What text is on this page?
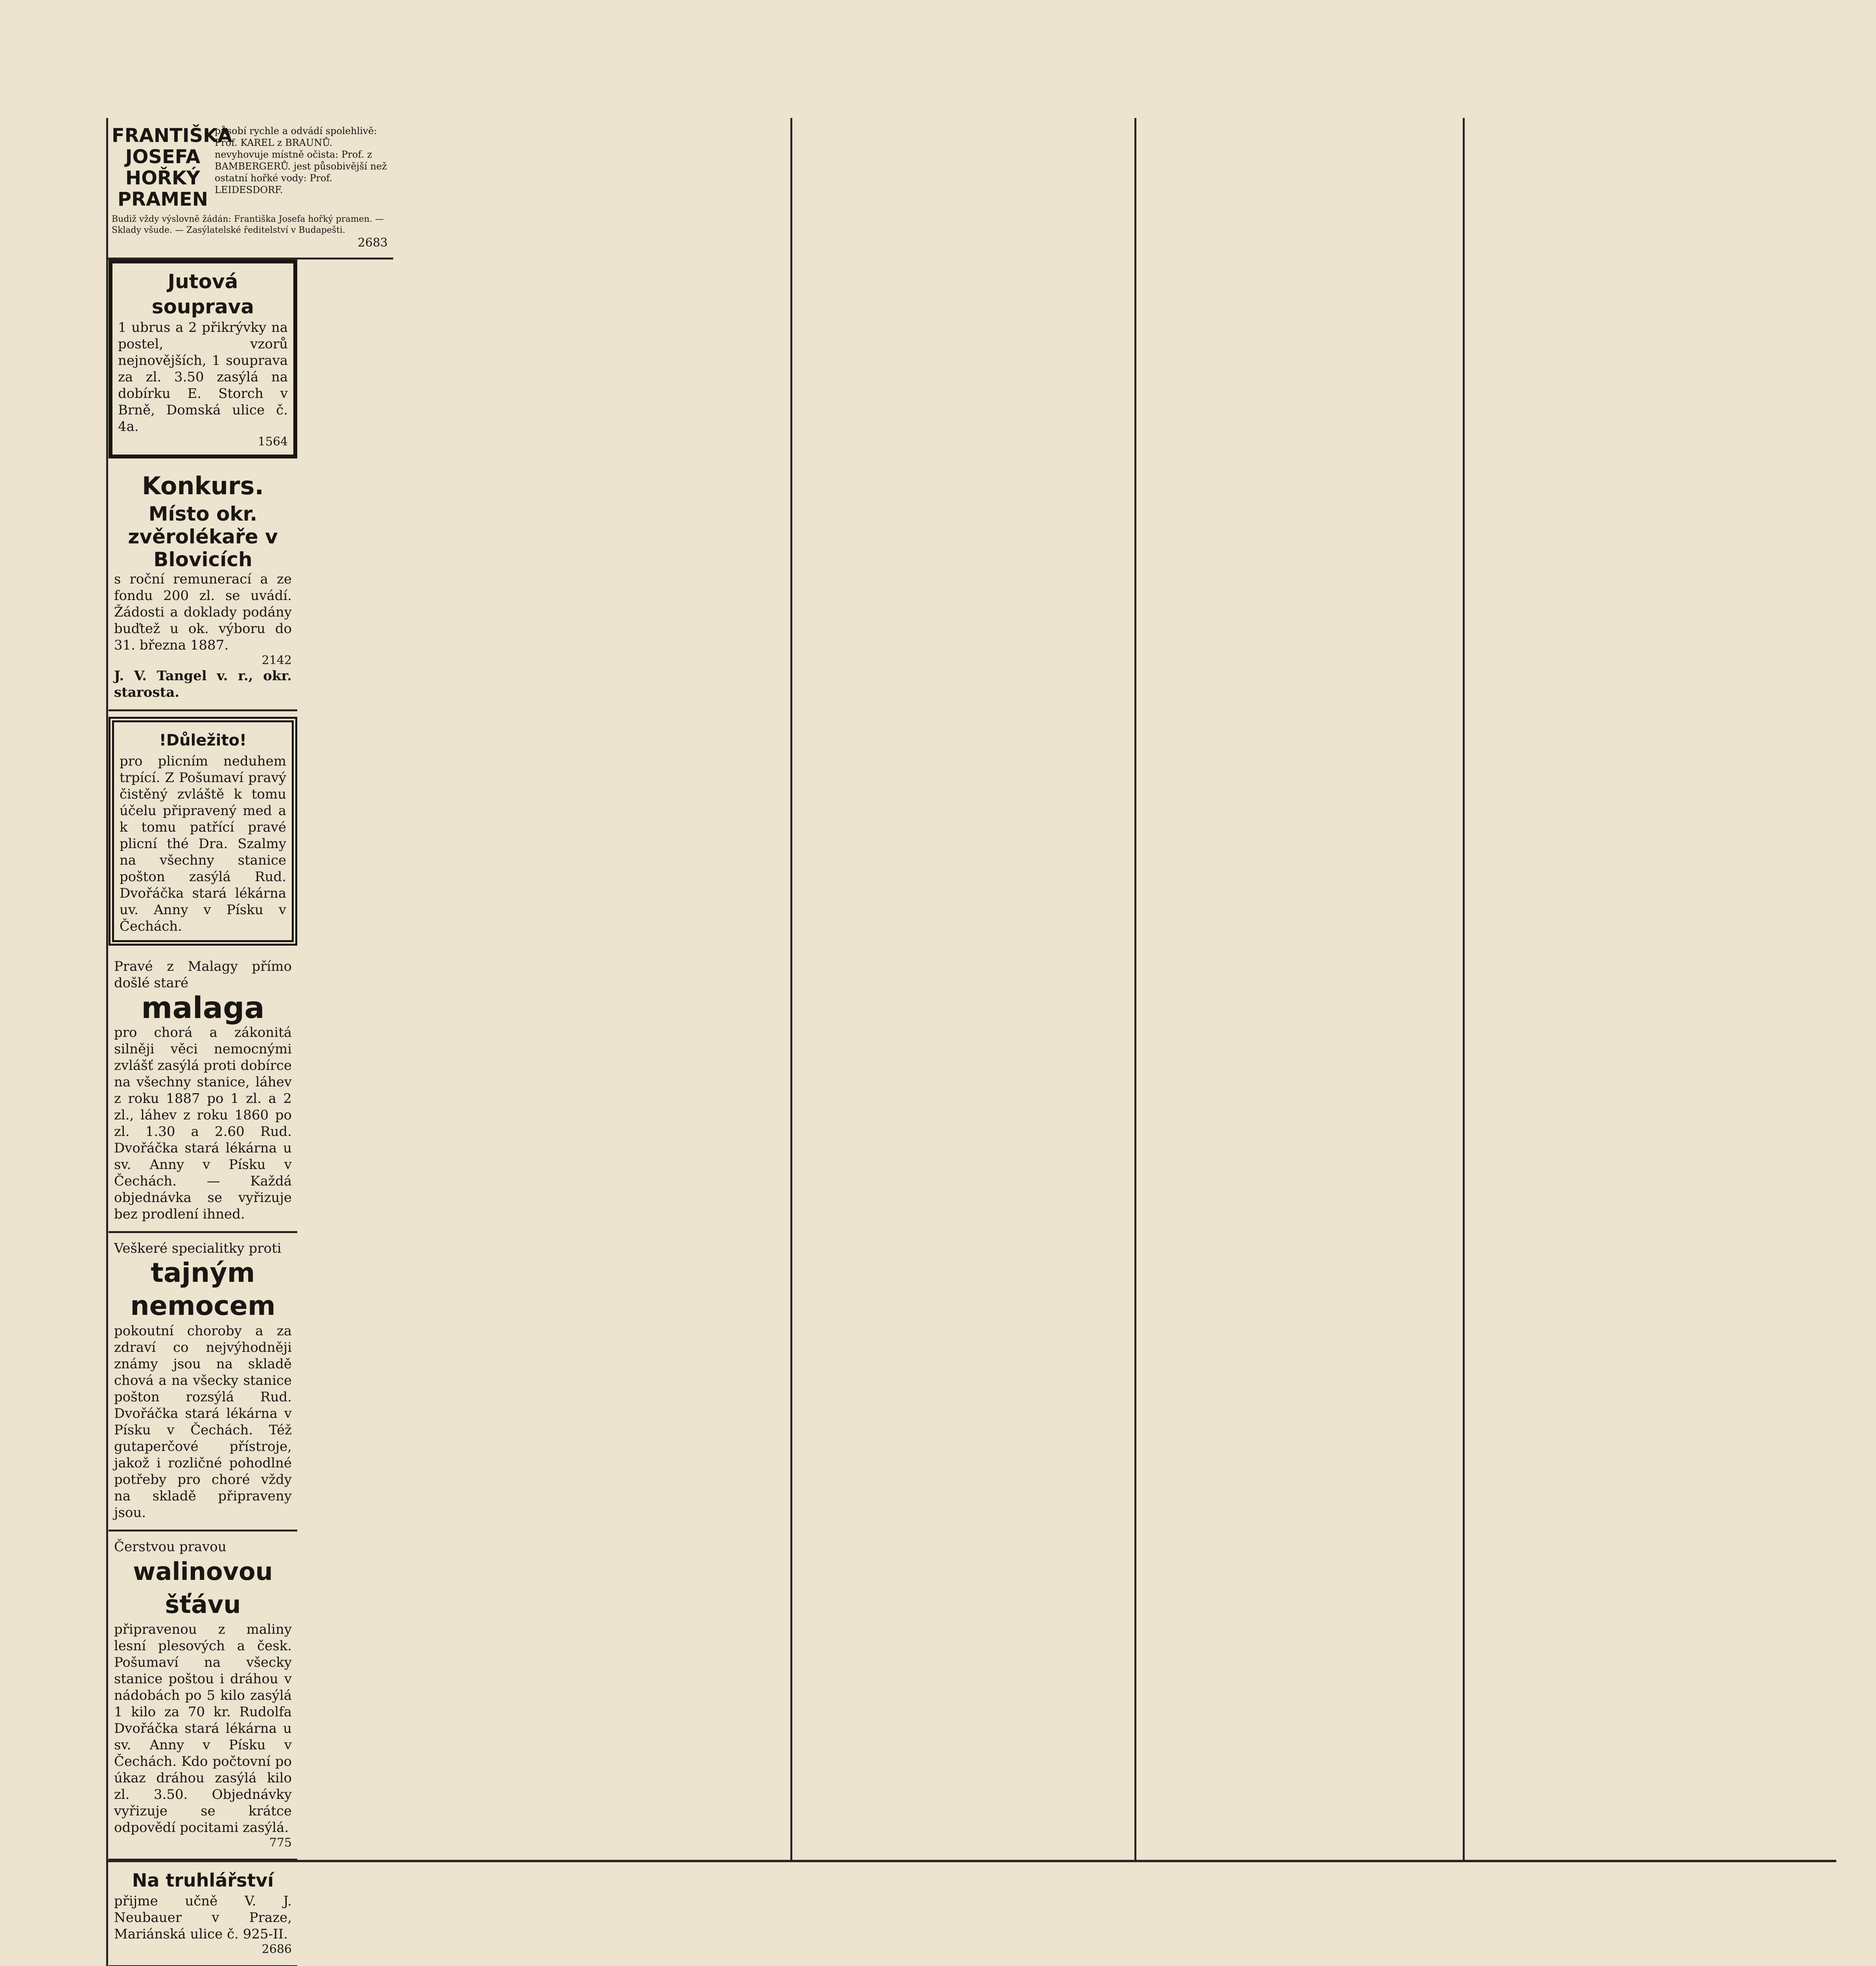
FRANTIŠKA JOSEFA HOŘKÝ PRAMEN
působí rychle a odvádí spolehlivě: Prof. KAREL z BRAUNŮ. nevyhovuje místně očista: Prof. z BAMBERGERŮ. jest působivější než ostatní hořké vody: Prof. LEIDESDORF.
Budiž vždy výslovně žádán: Františka Josefa hořký pramen. — Sklady všude. — Zasýlatelské ředitelství v Budapešti.
2683
Jutová souprava
1 ubrus a 2 přikrývky na postel, vzorů nejnovějších, 1 souprava za zl. 3.50 zasýlá na dobírku E. Storch v Brně, Domská ulice č. 4a.
1564
Konkurs.
Místo okr. zvěrolékaře v Blovicích
s roční remunerací a ze fondu 200 zl. se uvádí. Žádosti a doklady podány buďtež u ok. výboru do 31. března 1887.
2142
J. V. Tangel v. r., okr. starosta.
!Důležito!
pro plicním neduhem trpící. Z Pošumaví pravý čistěný zvláště k tomu účelu připravený med a k tomu patřící pravé plicní thé Dra. Szalmy na všechny stanice pošton zasýlá Rud. Dvořáčka stará lékárna uv. Anny v Písku v Čechách.
Pravé z Malagy přímo došlé staré
malaga
pro chorá a zákonitá silněji věci nemocnými zvlášť zasýlá proti dobírce na všechny stanice, láhev z roku 1887 po 1 zl. a 2 zl., láhev z roku 1860 po zl. 1.30 a 2.60 Rud. Dvořáčka stará lékárna u sv. Anny v Písku v Čechách. — Každá objednávka se vyřizuje bez prodlení ihned.
Veškeré specialitky proti
tajným nemocem
pokoutní choroby a za zdraví co nejvýhodněji známy jsou na skladě chová a na všecky stanice pošton rozsýlá Rud. Dvořáčka stará lékárna v Písku v Čechách. Též gutaperčové přístroje, jakož i rozličné pohodlné potřeby pro choré vždy na skladě připraveny jsou.
Čerstvou pravou
walinovou šťávu
připravenou z maliny lesní plesových a česk. Pošumaví na všecky stanice poštou i dráhou v nádobách po 5 kilo zasýlá 1 kilo za 70 kr. Rudolfa Dvořáčka stará lékárna u sv. Anny v Písku v Čechách. Kdo počtovní po úkaz dráhou zasýlá kilo zl. 3.50. Objednávky vyřizuje se krátce odpovědí pocitami zasýlá.
775
Na truhlářství
přijme učně V. J. Neubauer v Praze, Mariánská ulice č. 925-II.
2686
